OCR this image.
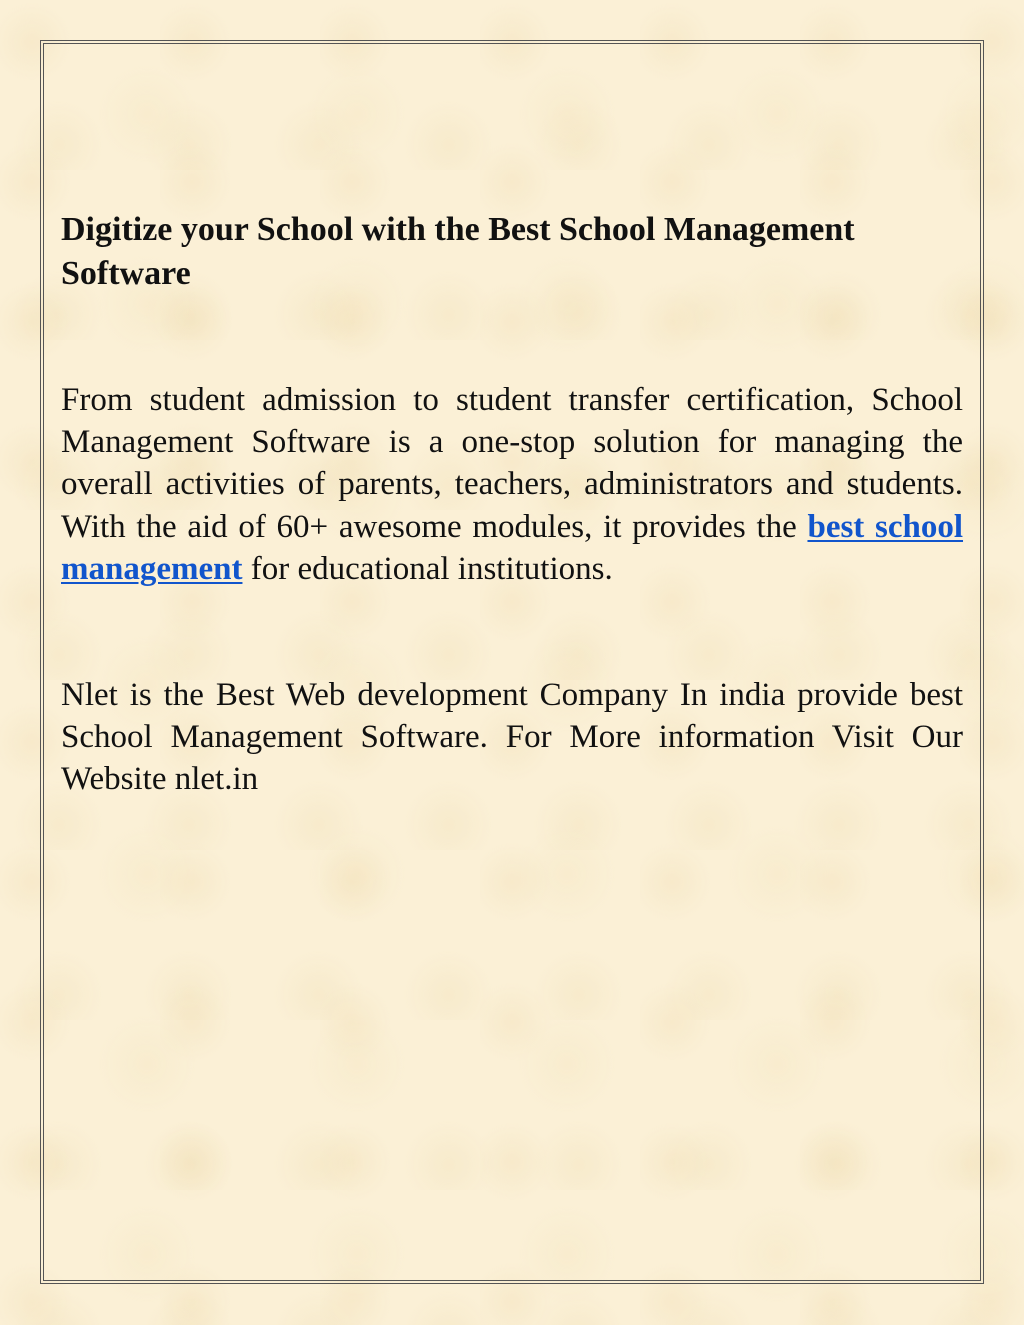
Digitize your School with the Best School Management Software

From student admission to student transfer certification, School Management Software is a one-stop solution for managing the overall activities of parents, teachers, administrators and students. With the aid of 60+ awesome modules, it provides the best school management for educational institutions.

Nlet is the Best Web development Company In india provide best School Management Software. For More information Visit Our Website nlet.in
